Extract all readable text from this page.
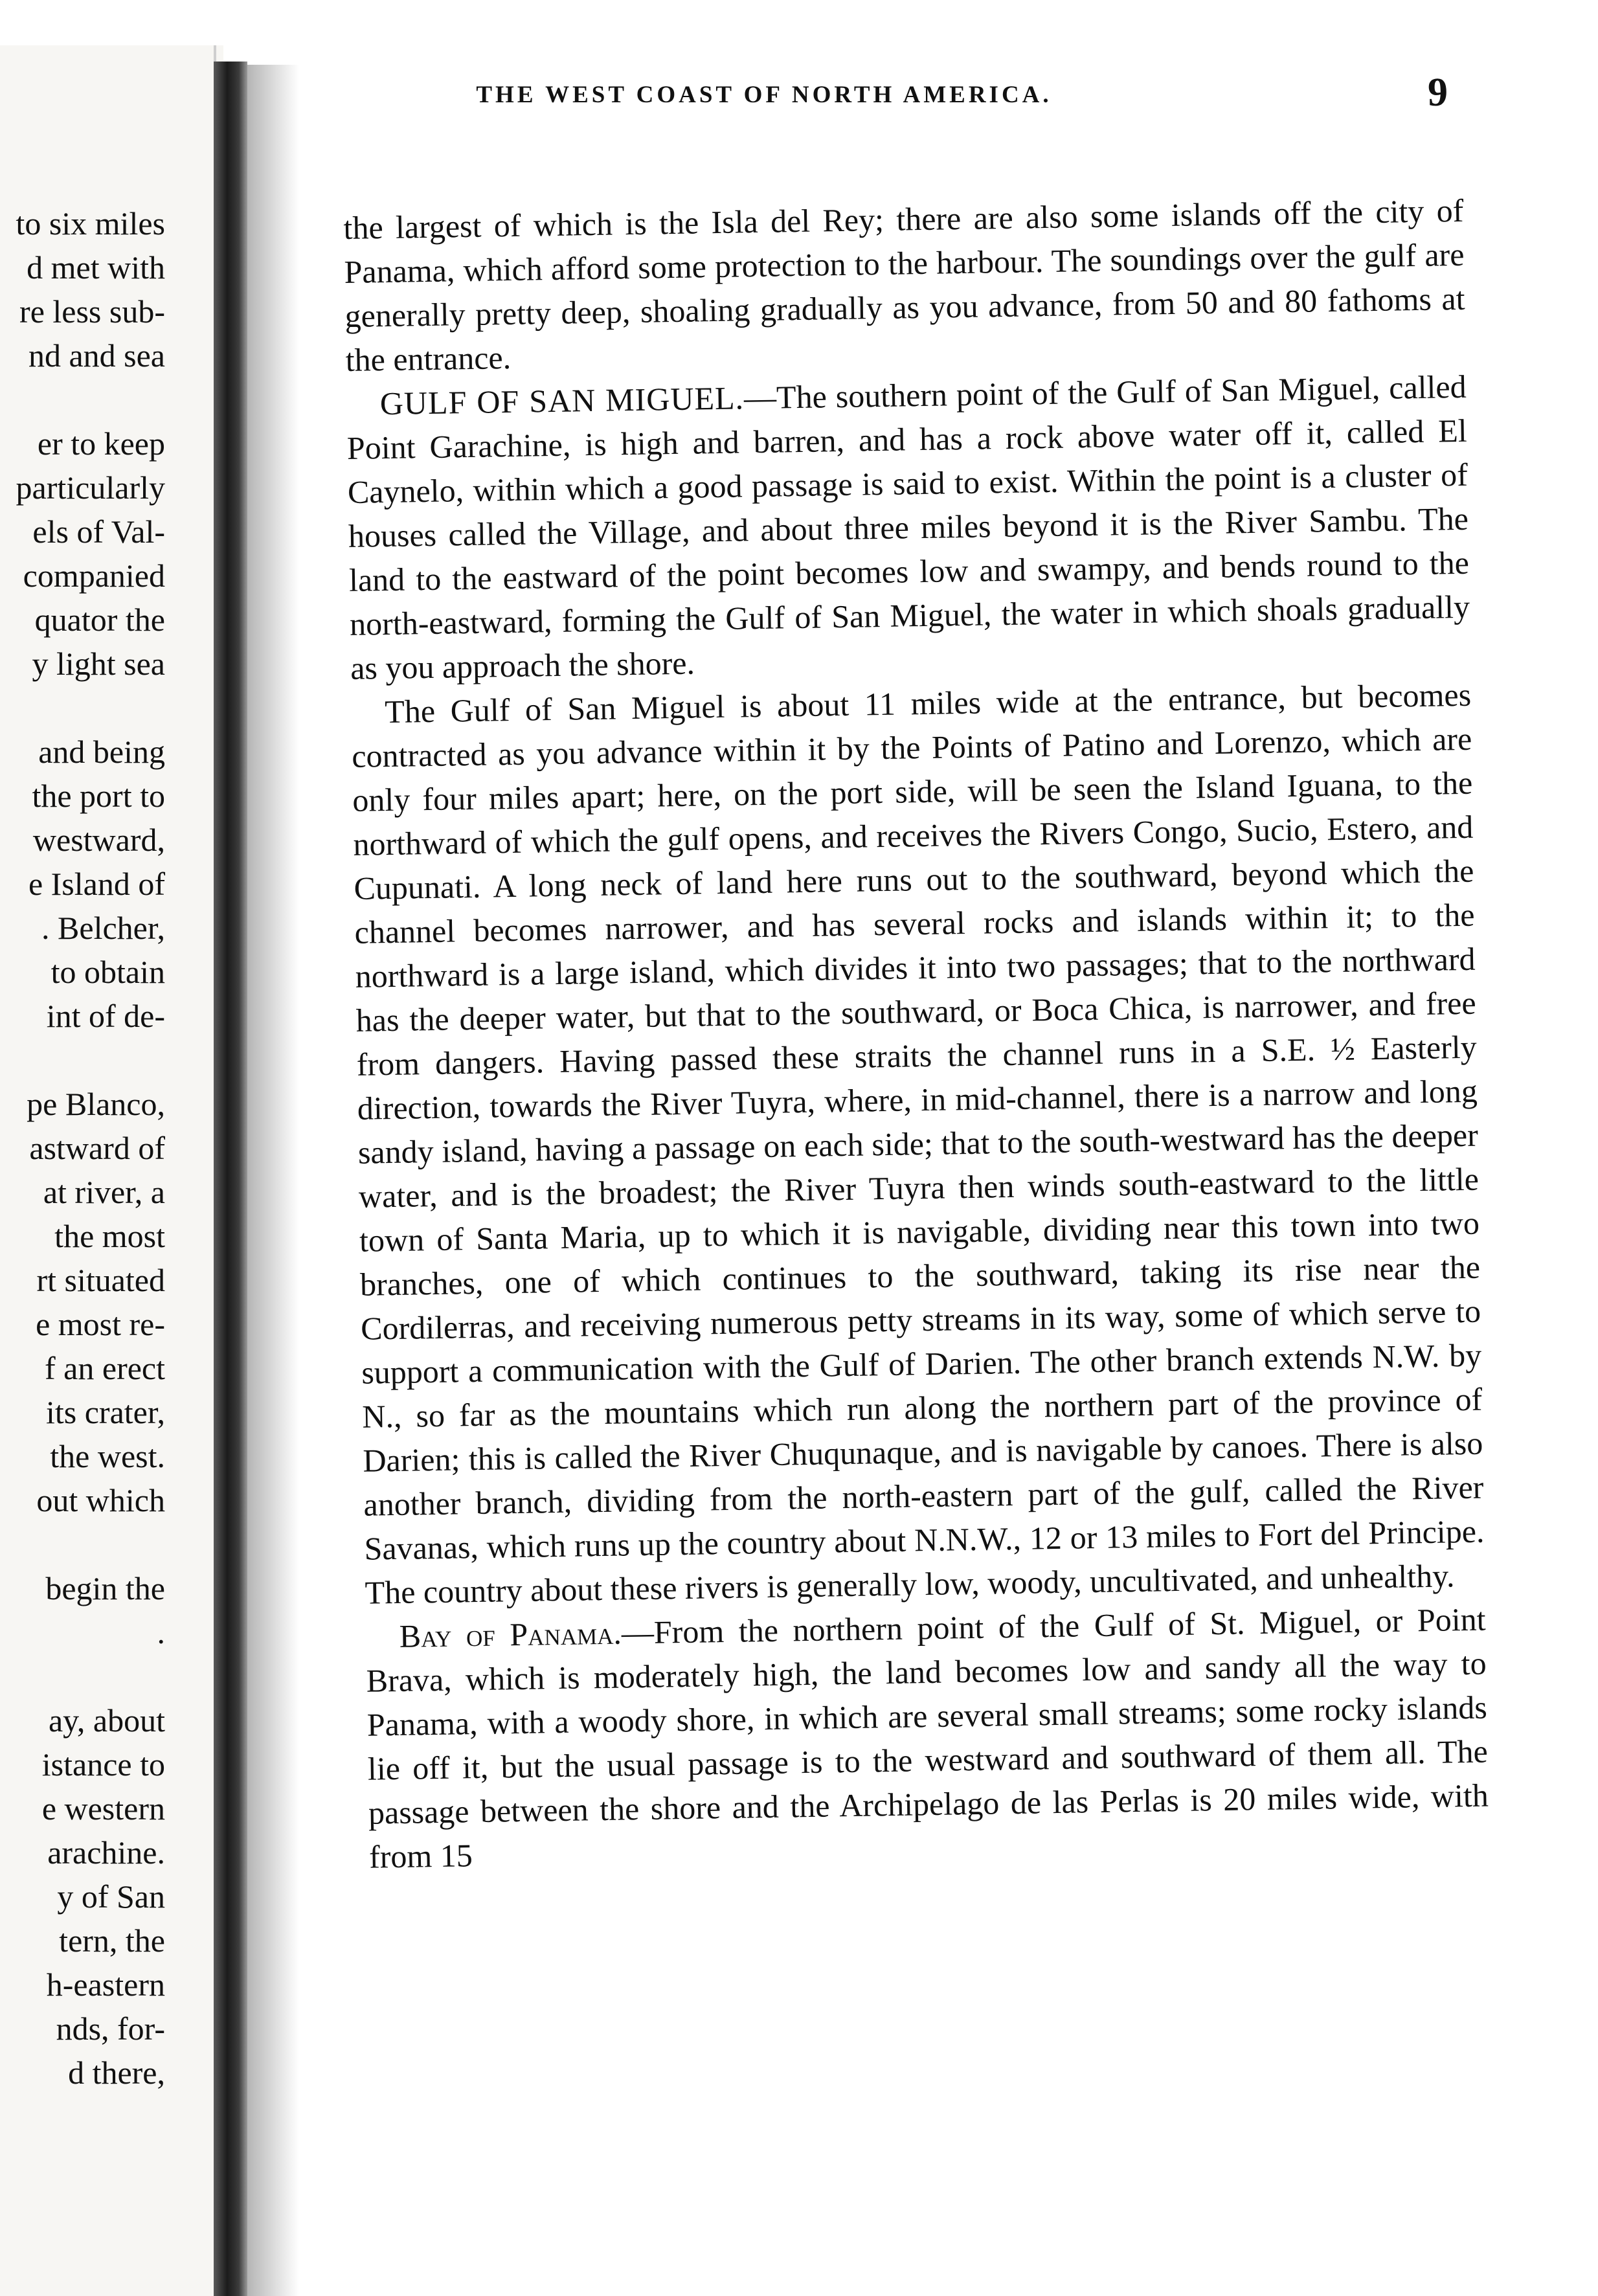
to six miles
d met with
re less sub-
nd and sea
er to keep
particularly
els of Val-
companied
quator the
y light sea
and being
the port to
westward,
e Island of
. Belcher,
to obtain
int of de-
pe Blanco,
astward of
at river, a
the most
rt situated
e most re-
f an erect
its crater,
the west.
out which
begin the
.
ay, about
istance to
e western
arachine.
y of San
tern, the
h-eastern
nds, for-
d there,
THE WEST COAST OF NORTH AMERICA.	9

the largest of which is the Isla del Rey; there are also some islands off the city of Panama, which afford some protection to the harbour. The soundings over the gulf are generally pretty deep, shoaling gradually as you advance, from 50 and 80 fathoms at the entrance.

GULF OF SAN MIGUEL.—The southern point of the Gulf of San Miguel, called Point Garachine, is high and barren, and has a rock above water off it, called El Caynelo, within which a good passage is said to exist. Within the point is a cluster of houses called the Village, and about three miles beyond it is the River Sambu. The land to the eastward of the point becomes low and swampy, and bends round to the north-eastward, forming the Gulf of San Miguel, the water in which shoals gradually as you approach the shore.

The Gulf of San Miguel is about 11 miles wide at the entrance, but becomes contracted as you advance within it by the Points of Patino and Lorenzo, which are only four miles apart; here, on the port side, will be seen the Island Iguana, to the northward of which the gulf opens, and receives the Rivers Congo, Sucio, Estero, and Cupunati. A long neck of land here runs out to the southward, beyond which the channel becomes narrower, and has several rocks and islands within it; to the northward is a large island, which divides it into two passages; that to the northward has the deeper water, but that to the southward, or Boca Chica, is narrower, and free from dangers. Having passed these straits the channel runs in a S.E. ½ Easterly direction, towards the River Tuyra, where, in mid-channel, there is a narrow and long sandy island, having a passage on each side; that to the south-westward has the deeper water, and is the broadest; the River Tuyra then winds south-eastward to the little town of Santa Maria, up to which it is navigable, dividing near this town into two branches, one of which continues to the southward, taking its rise near the Cordilerras, and receiving numerous petty streams in its way, some of which serve to support a communication with the Gulf of Darien. The other branch extends N.W. by N., so far as the mountains which run along the northern part of the province of Darien; this is called the River Chuqunaque, and is navigable by canoes. There is also another branch, dividing from the north-eastern part of the gulf, called the River Savanas, which runs up the country about N.N.W., 12 or 13 miles to Fort del Principe. The country about these rivers is generally low, woody, uncultivated, and unhealthy.

Bay of Panama.—From the northern point of the Gulf of St. Miguel, or Point Brava, which is moderately high, the land becomes low and sandy all the way to Panama, with a woody shore, in which are several small streams; some rocky islands lie off it, but the usual passage is to the westward and southward of them all. The passage between the shore and the Archipelago de las Perlas is 20 miles wide, with from 15
